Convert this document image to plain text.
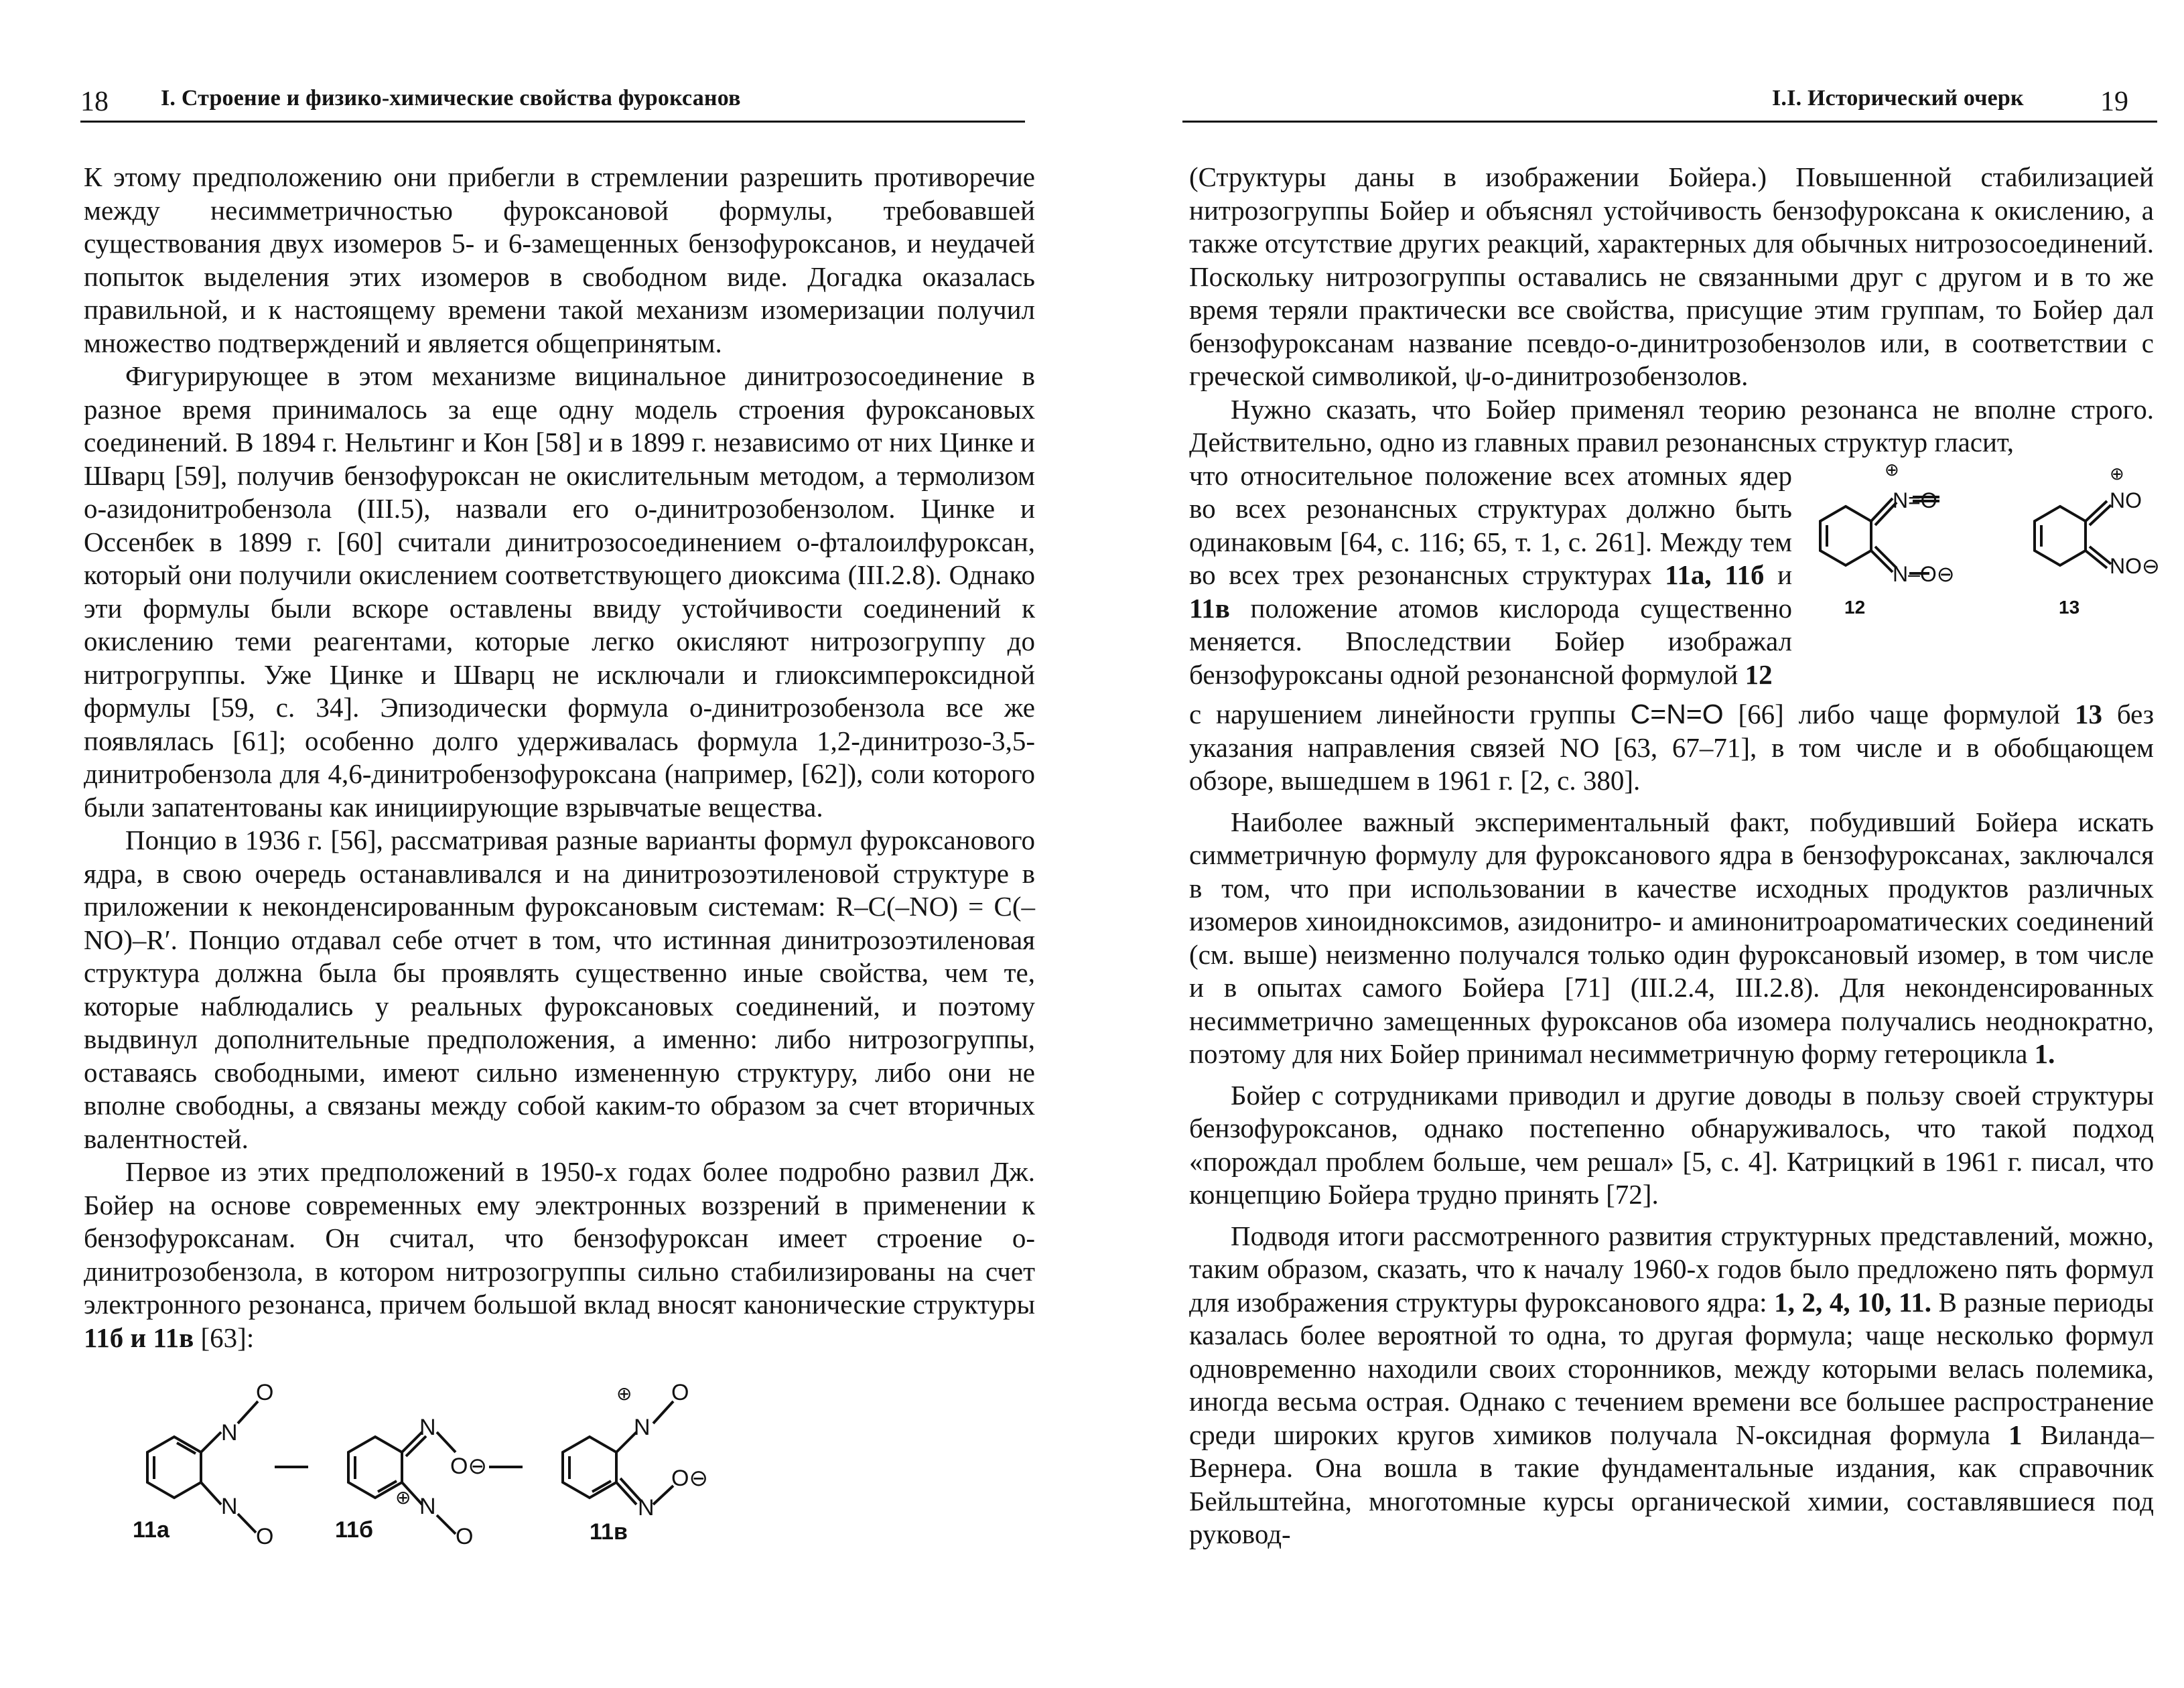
18 I. Строение и физико-химические свойства фуроксанов

К этому предположению они прибегли в стремлении разрешить противоречие между несимметричностью фуроксановой формулы, требовавшей существования двух изомеров 5- и 6-замещенных бензофуроксанов, и неудачей попыток выделения этих изомеров в свободном виде. Догадка оказалась правильной, и к настоящему времени такой механизм изомеризации получил множество подтверждений и является общепринятым.

Фигурирующее в этом механизме вицинальное динитрозосоединение в разное время принималось за еще одну модель строения фуроксановых соединений. В 1894 г. Нельтинг и Кон [58] и в 1899 г. независимо от них Цинке и Шварц [59], получив бензофуроксан не окислительным методом, а термолизом о-азидонитробензола (III.5), назвали его о-динитрозобензолом. Цинке и Оссенбек в 1899 г. [60] считали динитрозосоединением о-фталоилфуроксан, который они получили окислением соответствующего диоксима (III.2.8). Однако эти формулы были вскоре оставлены ввиду устойчивости соединений к окислению теми реагентами, которые легко окисляют нитрозогруппу до нитрогруппы. Уже Цинке и Шварц не исключали и глиоксимпероксидной формулы [59, с. 34]. Эпизодически формула о-динитрозобензола все же появлялась [61]; особенно долго удерживалась формула 1,2-динитрозо-3,5-динитробензола для 4,6-динитробензофуроксана (например, [62]), соли которого были запатентованы как инициирующие взрывчатые вещества.

Понцио в 1936 г. [56], рассматривая разные варианты формул фуроксанового ядра, в свою очередь останавливался и на динитрозоэтиленовой структуре в приложении к неконденсированным фуроксановым системам: R–C(–NO) = C(–NO)–R′. Понцио отдавал себе отчет в том, что истинная динитрозоэтиленовая структура должна была бы проявлять существенно иные свойства, чем те, которые наблюдались у реальных фуроксановых соединений, и поэтому выдвинул дополнительные предположения, а именно: либо нитрозогруппы, оставаясь свободными, имеют сильно измененную структуру, либо они не вполне свободны, а связаны между собой каким-то образом за счет вторичных валентностей.

Первое из этих предположений в 1950-х годах более подробно развил Дж. Бойер на основе современных ему электронных воззрений в применении к бензофуроксанам. Он считал, что бензофуроксан имеет строение о-динитрозобензола, в котором нитрозогруппы сильно стабилизированы на счет электронного резонанса, причем большой вклад вносят канонические структуры 11б и 11в [63]:

N
O
N
O
11а
N
O⊖
⊕ N
O
11б
⊕
N
O
N
O⊖
11в
I.I. Исторический очерк	19

(Структуры даны в изображении Бойера.) Повышенной стабилизацией нитрозогруппы Бойер и объяснял устойчивость бензофуроксана к окислению, а также отсутствие других реакций, характерных для обычных нитрозосоединений. Поскольку нитрозогруппы оставались не связанными друг с другом и в то же время теряли практически все свойства, присущие этим группам, то Бойер дал бензофуроксанам название псевдо-о-динитрозобензолов или, в соответствии с греческой символикой, ψ-о-динитрозобензолов.

Нужно сказать, что Бойер применял теорию резонанса не вполне строго. Действительно, одно из главных правил резонансных структур гласит,

⊕
N=O
N–O⊖
12
⊕
NO
NO⊖
13

что относительное положение всех атомных ядер во всех резонансных структурах должно быть одинаковым [64, с. 116; 65, т. 1, с. 261]. Между тем во всех трех резонансных структурах 11а, 11б и 11в положение атомов кислорода существенно меняется. Впоследствии Бойер изображал бензофуроксаны одной резонансной формулой 12

с нарушением линейности группы C=N=O [66] либо чаще формулой 13 без указания направления связей NO [63, 67–71], в том числе и в обобщающем обзоре, вышедшем в 1961 г. [2, с. 380].

Наиболее важный экспериментальный факт, побудивший Бойера искать симметричную формулу для фуроксанового ядра в бензофуроксанах, заключался в том, что при использовании в качестве исходных продуктов различных изомеров хиноидноксимов, азидонитро- и аминонитроароматических соединений (см. выше) неизменно получался только один фуроксановый изомер, в том числе и в опытах самого Бойера [71] (III.2.4, III.2.8). Для неконденсированных несимметрично замещенных фуроксанов оба изомера получались неоднократно, поэтому для них Бойер принимал несимметричную форму гетероцикла 1.

Бойер с сотрудниками приводил и другие доводы в пользу своей структуры бензофуроксанов, однако постепенно обнаруживалось, что такой подход «порождал проблем больше, чем решал» [5, с. 4]. Катрицкий в 1961 г. писал, что концепцию Бойера трудно принять [72].

Подводя итоги рассмотренного развития структурных представлений, можно, таким образом, сказать, что к началу 1960-х годов было предложено пять формул для изображения структуры фуроксанового ядра: 1, 2, 4, 10, 11. В разные периоды казалась более вероятной то одна, то другая формула; чаще несколько формул одновременно находили своих сторонников, между которыми велась полемика, иногда весьма острая. Однако с течением времени все большее распространение среди широких кругов химиков получала N-оксидная формула 1 Виланда–Вернера. Она вошла в такие фундаментальные издания, как справочник Бейльштейна, многотомные курсы органической химии, составлявшиеся под руковод-
